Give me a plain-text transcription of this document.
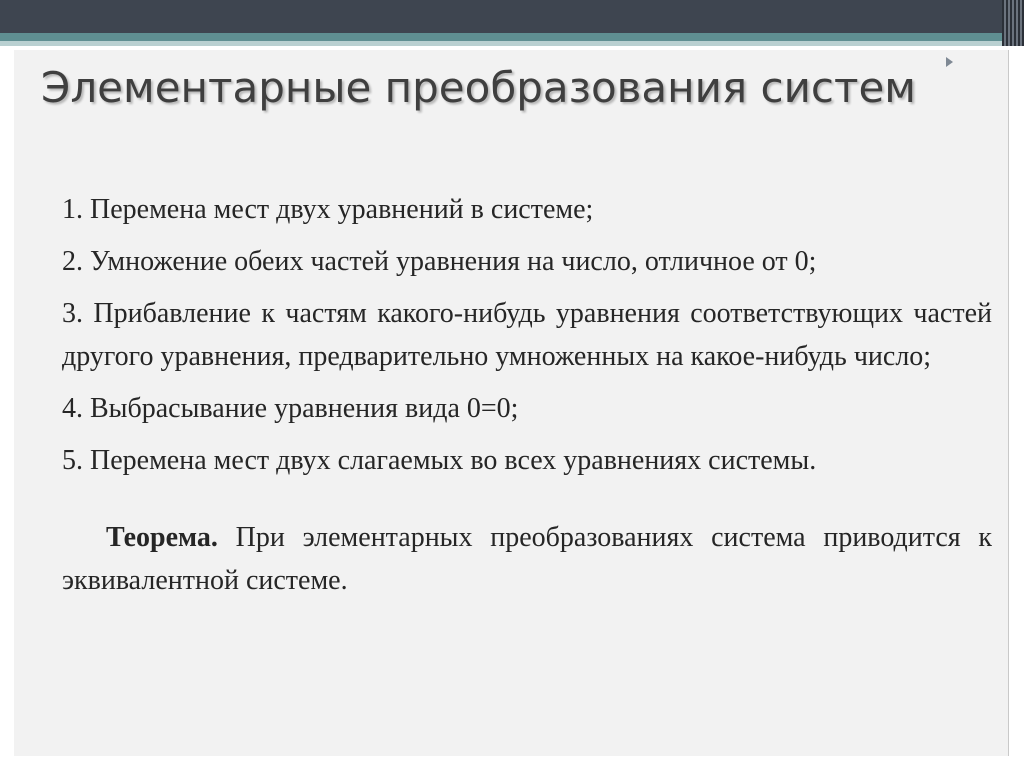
Элементарные преобразования систем

1. Перемена мест двух уравнений в системе;

2. Умножение обеих частей уравнения на число, отличное от 0;

3. Прибавление к частям какого-нибудь уравнения соответствующих частей другого уравнения, предварительно умноженных на какое-нибудь число;

4. Выбрасывание уравнения вида 0=0;

5. Перемена мест двух слагаемых во всех уравнениях системы.

Теорема. При элементарных преобразованиях система приводится к эквивалентной системе.
